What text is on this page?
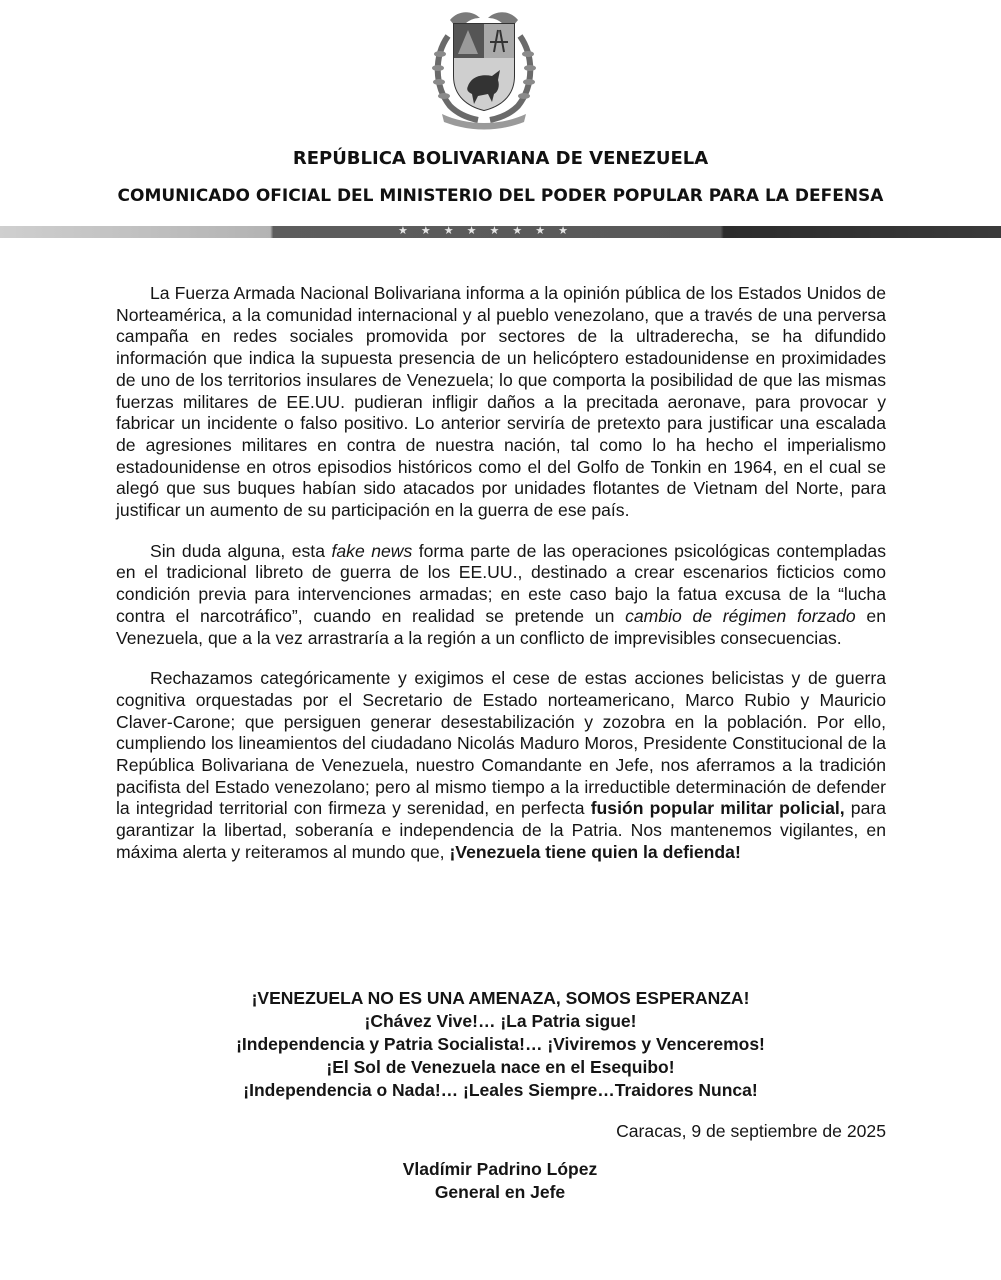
REPÚBLICA BOLIVARIANA DE VENEZUELA
COMUNICADO OFICIAL DEL MINISTERIO DEL PODER POPULAR PARA LA DEFENSA
★ ★ ★ ★ ★ ★ ★ ★

La Fuerza Armada Nacional Bolivariana informa a la opinión pública de los Estados Unidos de Norteamérica, a la comunidad internacional y al pueblo venezolano, que a través de una perversa campaña en redes sociales promovida por sectores de la ultraderecha, se ha difundido información que indica la supuesta presencia de un helicóptero estadounidense en proximidades de uno de los territorios insulares de Venezuela; lo que comporta la posibilidad de que las mismas fuerzas militares de EE.UU. pudieran infligir daños a la precitada aeronave, para provocar y fabricar un incidente o falso positivo. Lo anterior serviría de pretexto para justificar una escalada de agresiones militares en contra de nuestra nación, tal como lo ha hecho el imperialismo estadounidense en otros episodios históricos como el del Golfo de Tonkin en 1964, en el cual se alegó que sus buques habían sido atacados por unidades flotantes de Vietnam del Norte, para justificar un aumento de su participación en la guerra de ese país.

Sin duda alguna, esta fake news forma parte de las operaciones psicológicas contempladas en el tradicional libreto de guerra de los EE.UU., destinado a crear escenarios ficticios como condición previa para intervenciones armadas; en este caso bajo la fatua excusa de la “lucha contra el narcotráfico”, cuando en realidad se pretende un cambio de régimen forzado en Venezuela, que a la vez arrastraría a la región a un conflicto de imprevisibles consecuencias.

Rechazamos categóricamente y exigimos el cese de estas acciones belicistas y de guerra cognitiva orquestadas por el Secretario de Estado norteamericano, Marco Rubio y Mauricio Claver-Carone; que persiguen generar desestabilización y zozobra en la población. Por ello, cumpliendo los lineamientos del ciudadano Nicolás Maduro Moros, Presidente Constitucional de la República Bolivariana de Venezuela, nuestro Comandante en Jefe, nos aferramos a la tradición pacifista del Estado venezolano; pero al mismo tiempo a la irreductible determinación de defender la integridad territorial con firmeza y serenidad, en perfecta fusión popular militar policial, para garantizar la libertad, soberanía e independencia de la Patria. Nos mantenemos vigilantes, en máxima alerta y reiteramos al mundo que, ¡Venezuela tiene quien la defienda!

¡VENEZUELA NO ES UNA AMENAZA, SOMOS ESPERANZA!
¡Chávez Vive!… ¡La Patria sigue!
¡Independencia y Patria Socialista!… ¡Viviremos y Venceremos!
¡El Sol de Venezuela nace en el Esequibo!
¡Independencia o Nada!… ¡Leales Siempre…Traidores Nunca!
Caracas, 9 de septiembre de 2025
Vladímir Padrino López
General en Jefe
